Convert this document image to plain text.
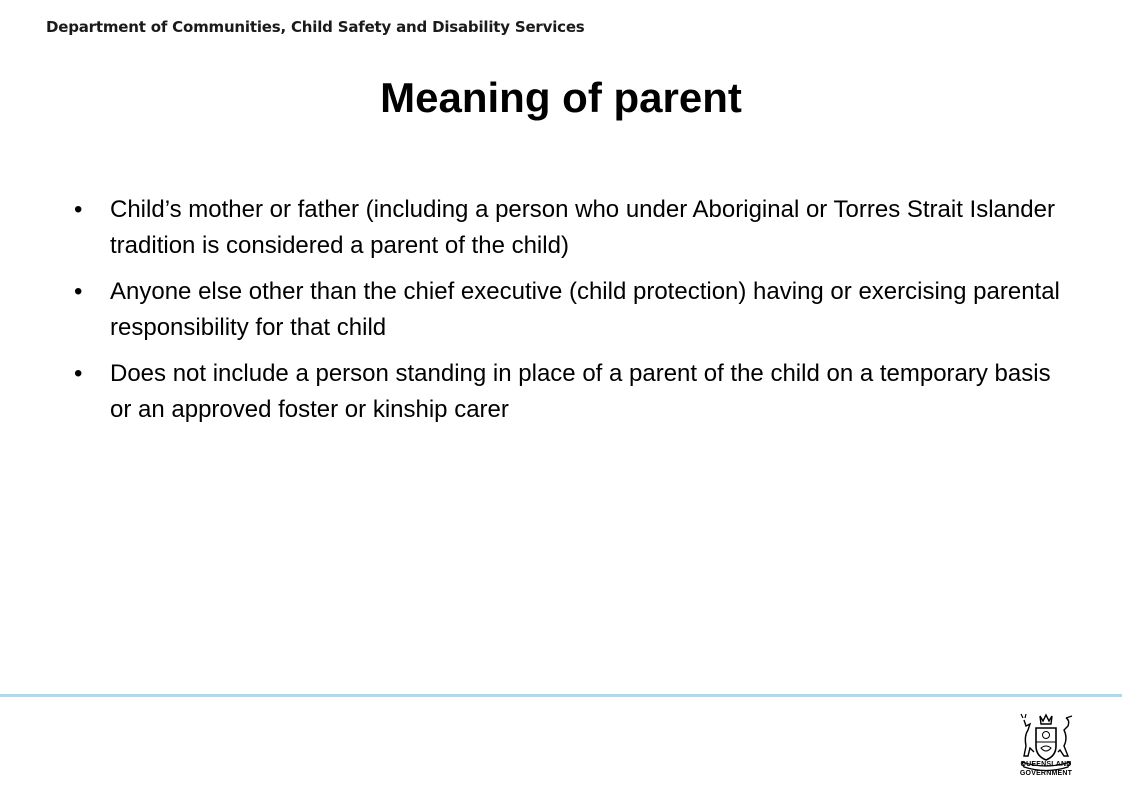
Department of Communities, Child Safety and Disability Services
Meaning of parent
• Child’s mother or father (including a person who under Aboriginal or Torres Strait Islander tradition is considered a parent of the child)
• Anyone else other than the chief executive (child protection) having or exercising parental responsibility for that child
• Does not include a person standing in place of a parent of the child on a temporary basis or an approved foster or kinship carer
QUEENSLAND
GOVERNMENT
